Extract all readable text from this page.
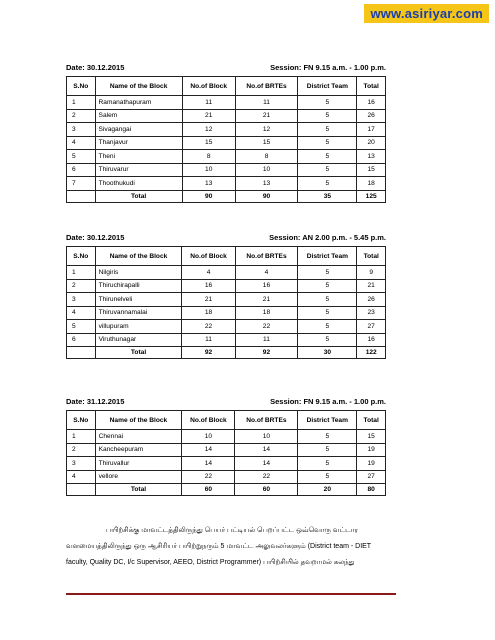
www.asiriyar.com
Date: 30.12.2015	Session: FN 9.15 a.m. - 1.00 p.m.
S.No	Name of the Block	No.of Block	No.of BRTEs	District Team	Total
1	Ramanathapuram	11	11	5	16
2	Salem	21	21	5	26
3	Sivagangai	12	12	5	17
4	Thanjavur	15	15	5	20
5	Theni	8	8	5	13
6	Thiruvarur	10	10	5	15
7	Thoothukudi	13	13	5	18
	Total	90	90	35	125
Date: 30.12.2015	Session: AN 2.00 p.m. - 5.45 p.m.
S.No	Name of the Block	No.of Block	No.of BRTEs	District Team	Total
1	Nilgiris	4	4	5	9
2	Thiruchirapalli	16	16	5	21
3	Thirunelveli	21	21	5	26
4	Thiruvannamalai	18	18	5	23
5	villupuram	22	22	5	27
6	Viruthunagar	11	11	5	16
	Total	92	92	30	122
Date: 31.12.2015	Session: FN 9.15 a.m. - 1.00 p.m.
S.No	Name of the Block	No.of Block	No.of BRTEs	District Team	Total
1	Chennai	10	10	5	15
2	Kancheepuram	14	14	5	19
3	Thiruvallur	14	14	5	19
4	vellore	22	22	5	27
	Total	60	60	20	80

பயிற்சிக்கு மாவட்டத்திலிருந்து பெயர் பட்டியல் பெறப்பட்ட ஒவ்வொரு வட்டார

வளமையத்திலிருந்து ஒரு ஆசிரியர் பயிற்றுநரும் 5 மாவட்ட அலுவலர்களும் (District team - DIET

faculty, Quality DC, I/c Supervisor, AEEO, District Programmer) பயிற்சியில் தவறாமல் கலந்து
